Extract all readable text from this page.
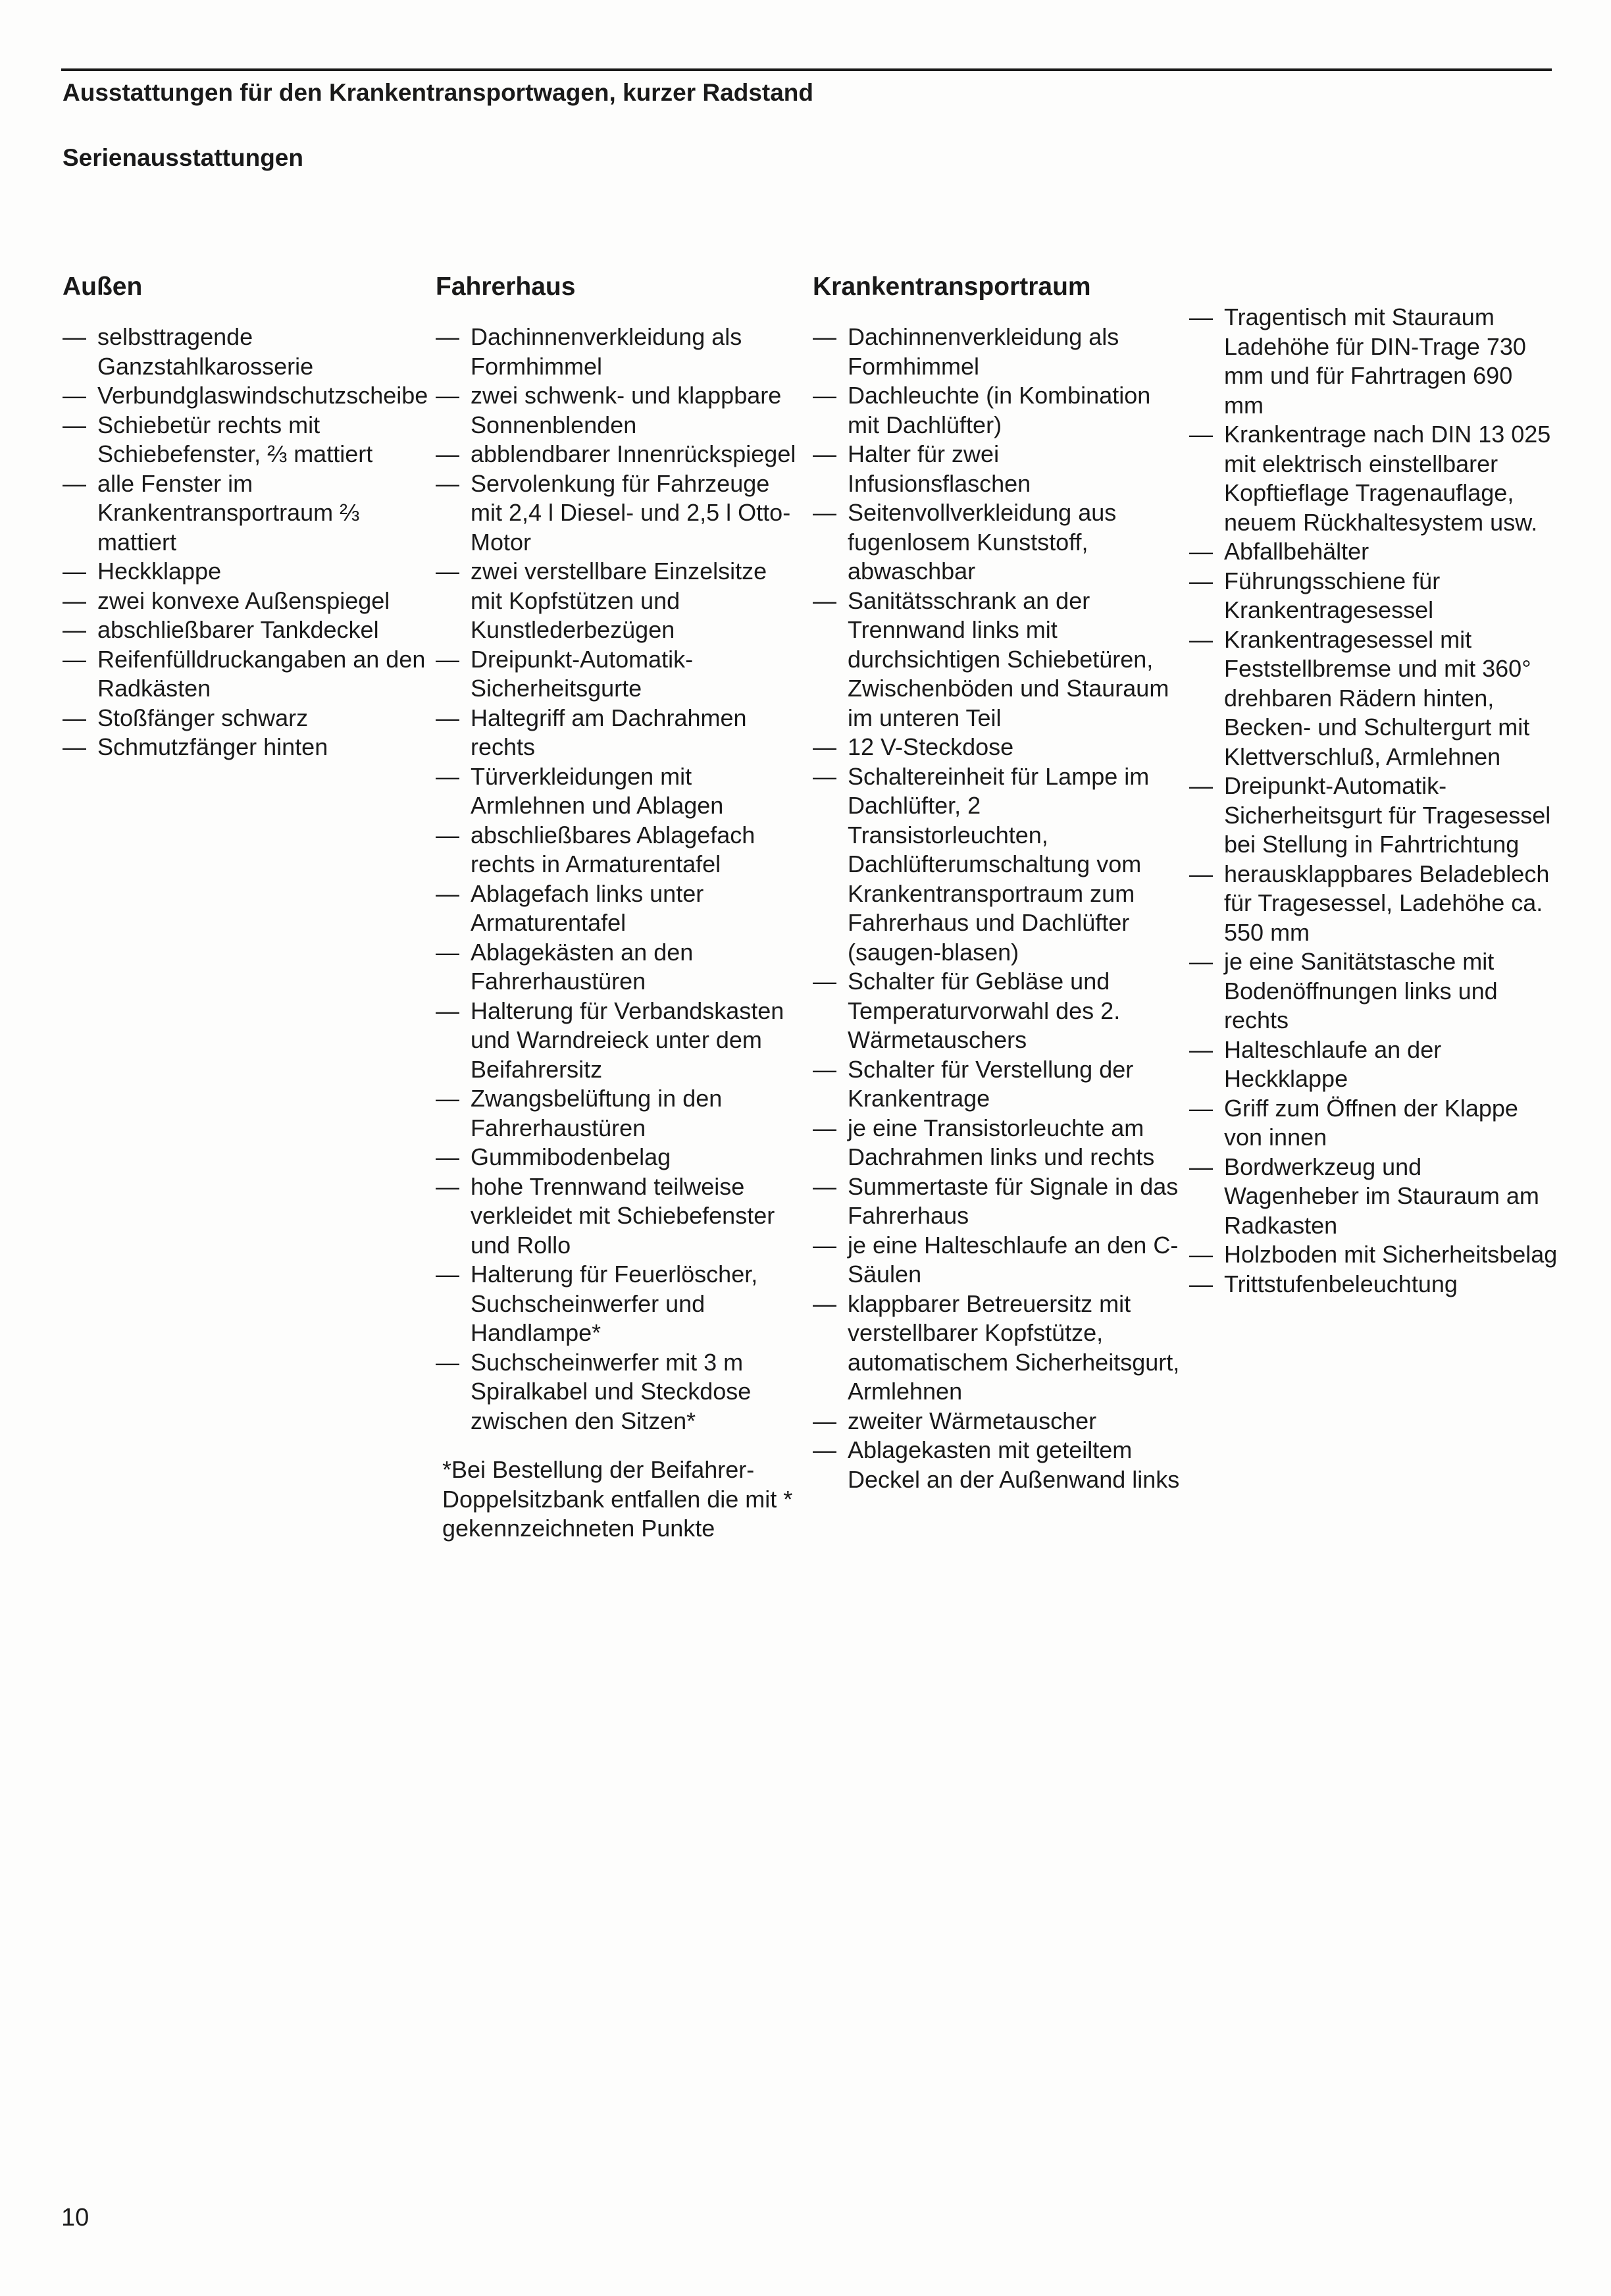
Ausstattungen für den Krankentransportwagen, kurzer Radstand
Serienausstattungen
Außen
— selbsttragende Ganzstahlkarosserie
— Verbundglaswindschutzscheibe
— Schiebetür rechts mit Schiebefenster, ⅔ mattiert
— alle Fenster im Krankentransportraum ⅔ mattiert
— Heckklappe
— zwei konvexe Außenspiegel
— abschließbarer Tankdeckel
— Reifenfülldruckangaben an den Radkästen
— Stoßfänger schwarz
— Schmutzfänger hinten
Fahrerhaus
— Dachinnenverkleidung als Formhimmel
— zwei schwenk- und klappbare Sonnenblenden
— abblendbarer Innenrückspiegel
— Servolenkung für Fahrzeuge mit 2,4 l Diesel- und 2,5 l Otto-Motor
— zwei verstellbare Einzelsitze mit Kopfstützen und Kunstlederbezügen
— Dreipunkt-Automatik-Sicherheitsgurte
— Haltegriff am Dachrahmen rechts
— Türverkleidungen mit Armlehnen und Ablagen
— abschließbares Ablagefach rechts in Armaturentafel
— Ablagefach links unter Armaturentafel
— Ablagekästen an den Fahrerhaustüren
— Halterung für Verbandskasten und Warndreieck unter dem Beifahrersitz
— Zwangsbelüftung in den Fahrerhaustüren
— Gummibodenbelag
— hohe Trennwand teilweise verkleidet mit Schiebefenster und Rollo
— Halterung für Feuerlöscher, Suchscheinwerfer und Handlampe*
— Suchscheinwerfer mit 3 m Spiralkabel und Steckdose zwischen den Sitzen*
*Bei Bestellung der Beifahrer-Doppelsitzbank entfallen die mit * gekennzeichneten Punkte
Krankentransportraum
— Dachinnenverkleidung als Formhimmel
— Dachleuchte (in Kombination mit Dachlüfter)
— Halter für zwei Infusionsflaschen
— Seitenvollverkleidung aus fugenlosem Kunststoff, abwaschbar
— Sanitätsschrank an der Trennwand links mit durchsichtigen Schiebetüren, Zwischenböden und Stauraum im unteren Teil
— 12 V-Steckdose
— Schaltereinheit für Lampe im Dachlüfter, 2 Transistorleuchten, Dachlüfterumschaltung vom Krankentransportraum zum Fahrerhaus und Dachlüfter (saugen-blasen)
— Schalter für Gebläse und Temperaturvorwahl des 2. Wärmetauschers
— Schalter für Verstellung der Krankentrage
— je eine Transistorleuchte am Dachrahmen links und rechts
— Summertaste für Signale in das Fahrerhaus
— je eine Halteschlaufe an den C-Säulen
— klappbarer Betreuersitz mit verstellbarer Kopfstütze, automatischem Sicherheitsgurt, Armlehnen
— zweiter Wärmetauscher
— Ablagekasten mit geteiltem Deckel an der Außenwand links
— Tragentisch mit Stauraum Ladehöhe für DIN-Trage 730 mm und für Fahrtragen 690 mm
— Krankentrage nach DIN 13 025 mit elektrisch einstellbarer Kopftieflage Tragenauflage, neuem Rückhaltesystem usw.
— Abfallbehälter
— Führungsschiene für Krankentragesessel
— Krankentragesessel mit Feststellbremse und mit 360° drehbaren Rädern hinten, Becken- und Schultergurt mit Klettverschluß, Armlehnen
— Dreipunkt-Automatik-Sicherheitsgurt für Tragesessel bei Stellung in Fahrtrichtung
— herausklappbares Beladeblech für Tragesessel, Ladehöhe ca. 550 mm
— je eine Sanitätstasche mit Bodenöffnungen links und rechts
— Halteschlaufe an der Heckklappe
— Griff zum Öffnen der Klappe von innen
— Bordwerkzeug und Wagenheber im Stauraum am Radkasten
— Holzboden mit Sicherheitsbelag
— Trittstufenbeleuchtung
10
